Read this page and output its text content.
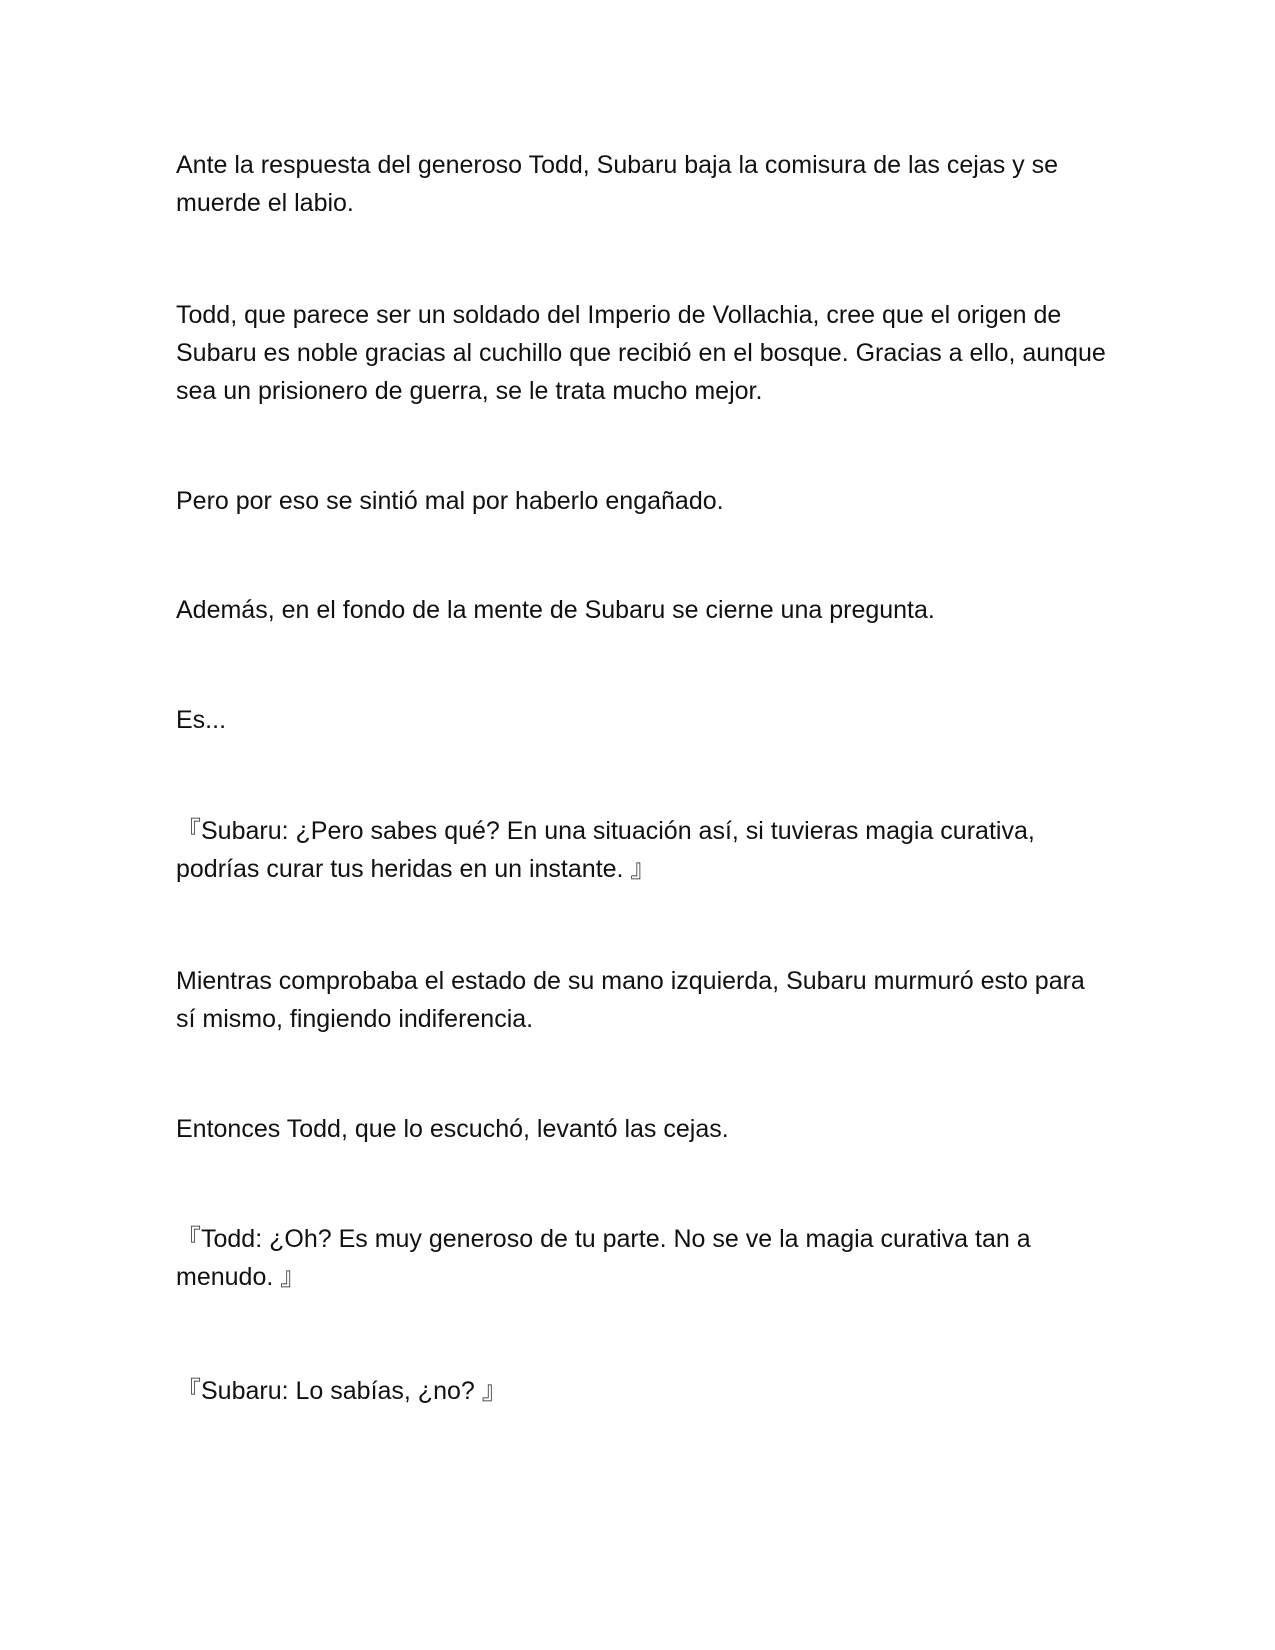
Ante la respuesta del generoso Todd, Subaru baja la comisura de las cejas y se muerde el labio.

Todd, que parece ser un soldado del Imperio de Vollachia, cree que el origen de Subaru es noble gracias al cuchillo que recibió en el bosque. Gracias a ello, aunque sea un prisionero de guerra, se le trata mucho mejor.

Pero por eso se sintió mal por haberlo engañado.

Además, en el fondo de la mente de Subaru se cierne una pregunta.

Es...

『Subaru: ¿Pero sabes qué? En una situación así, si tuvieras magia curativa, podrías curar tus heridas en un instante. 』

Mientras comprobaba el estado de su mano izquierda, Subaru murmuró esto para sí mismo, fingiendo indiferencia.

Entonces Todd, que lo escuchó, levantó las cejas.

『Todd: ¿Oh? Es muy generoso de tu parte. No se ve la magia curativa tan a menudo. 』

『Subaru: Lo sabías, ¿no? 』
